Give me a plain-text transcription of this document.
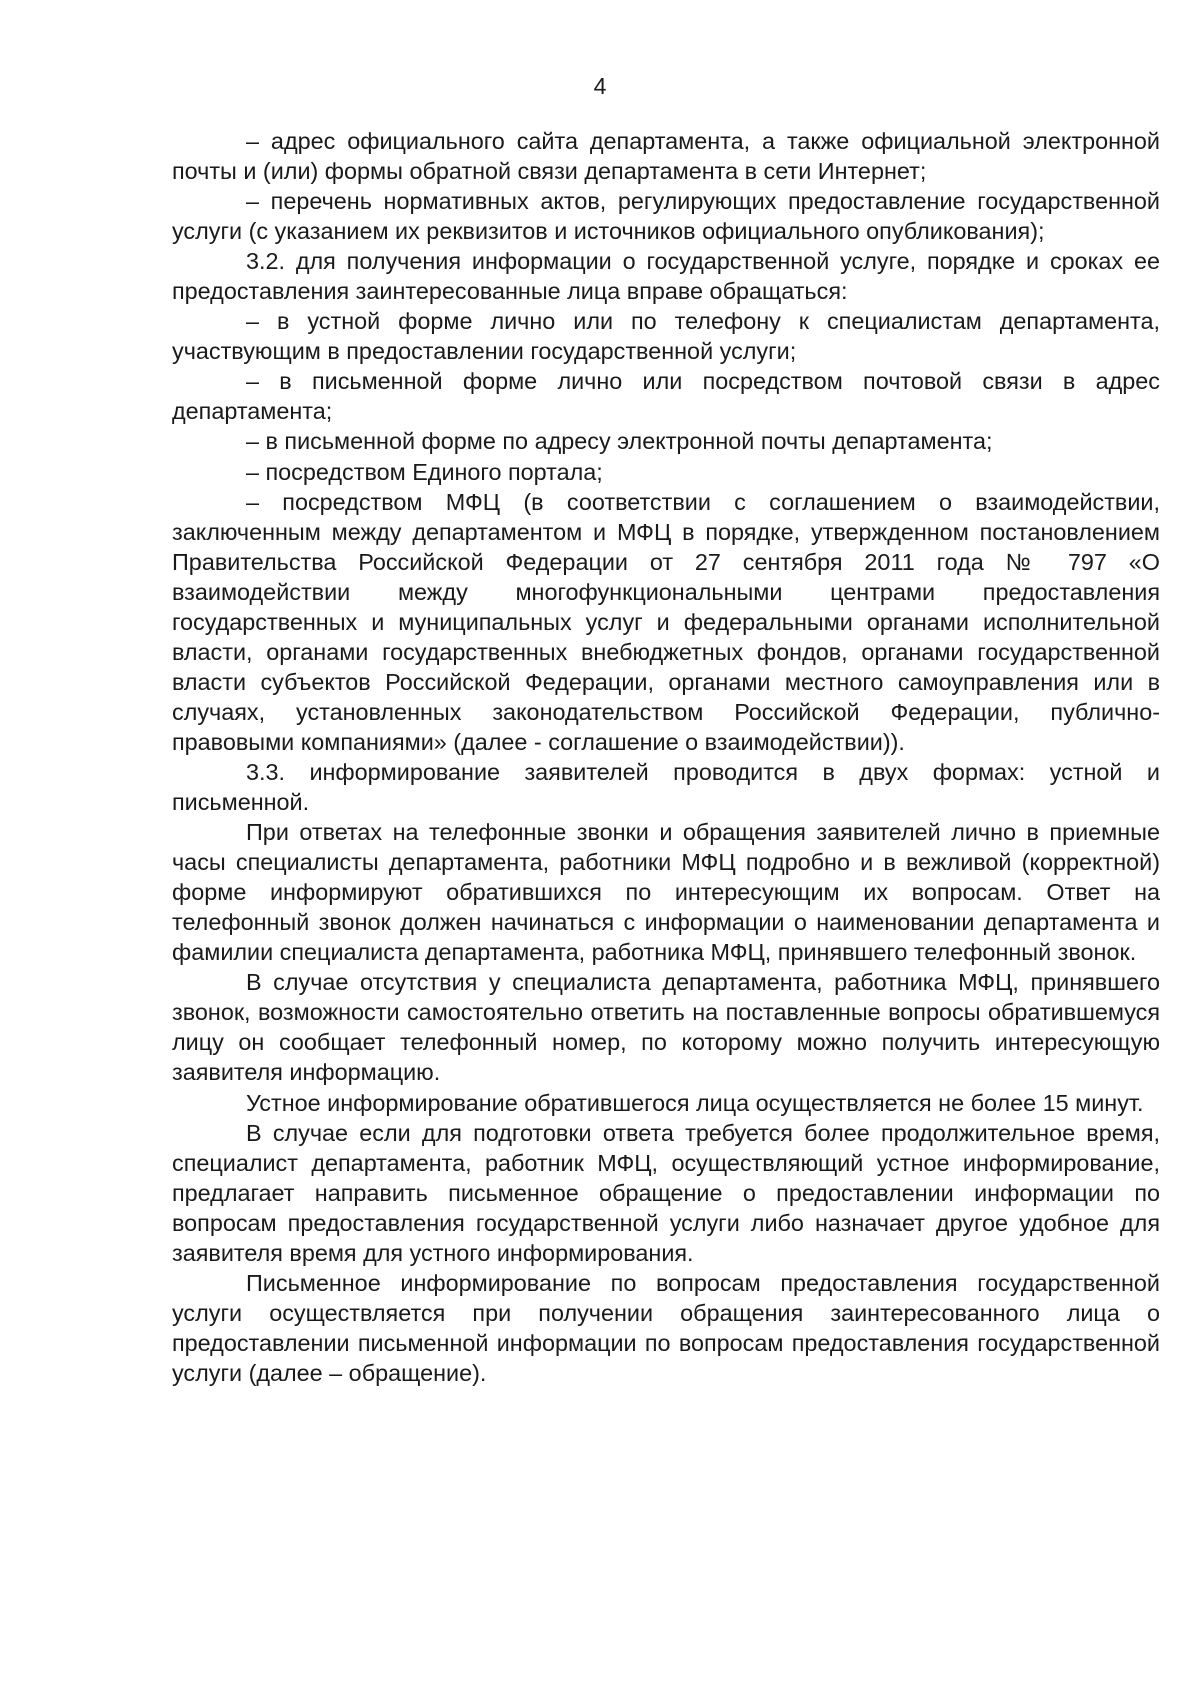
4

– адрес официального сайта департамента, а также официальной электронной почты и (или) формы обратной связи департамента в сети Интернет;

– перечень нормативных актов, регулирующих предоставление государственной услуги (с указанием их реквизитов и источников официального опубликования);

3.2. для получения информации о государственной услуге, порядке и сроках ее предоставления заинтересованные лица вправе обращаться:

– в устной форме лично или по телефону к специалистам департамента, участвующим в предоставлении государственной услуги;

– в письменной форме лично или посредством почтовой связи в адрес департамента;

– в письменной форме по адресу электронной почты департамента;

– посредством Единого портала;

– посредством МФЦ (в соответствии с соглашением о взаимодействии, заключенным между департаментом и МФЦ в порядке, утвержденном постановлением Правительства Российской Федерации от 27 сентября 2011 года № 797 «О взаимодействии между многофункциональными центрами предоставления государственных и муниципальных услуг и федеральными органами исполнительной власти, органами государственных внебюджетных фондов, органами государственной власти субъектов Российской Федерации, органами местного самоуправления или в случаях, установленных законодательством Российской Федерации, публично-правовыми компаниями» (далее - соглашение о взаимодействии)).

3.3. информирование заявителей проводится в двух формах: устной и письменной.

При ответах на телефонные звонки и обращения заявителей лично в приемные часы специалисты департамента, работники МФЦ подробно и в вежливой (корректной) форме информируют обратившихся по интересующим их вопросам. Ответ на телефонный звонок должен начинаться с информации о наименовании департамента и фамилии специалиста департамента, работника МФЦ, принявшего телефонный звонок.

В случае отсутствия у специалиста департамента, работника МФЦ, принявшего звонок, возможности самостоятельно ответить на поставленные вопросы обратившемуся лицу он сообщает телефонный номер, по которому можно получить интересующую заявителя информацию.

Устное информирование обратившегося лица осуществляется не более 15 минут.

В случае если для подготовки ответа требуется более продолжительное время, специалист департамента, работник МФЦ, осуществляющий устное информирование, предлагает направить письменное обращение о предоставлении информации по вопросам предоставления государственной услуги либо назначает другое удобное для заявителя время для устного информирования.

Письменное информирование по вопросам предоставления государственной услуги осуществляется при получении обращения заинтересованного лица о предоставлении письменной информации по вопросам предоставления государственной услуги (далее – обращение).
